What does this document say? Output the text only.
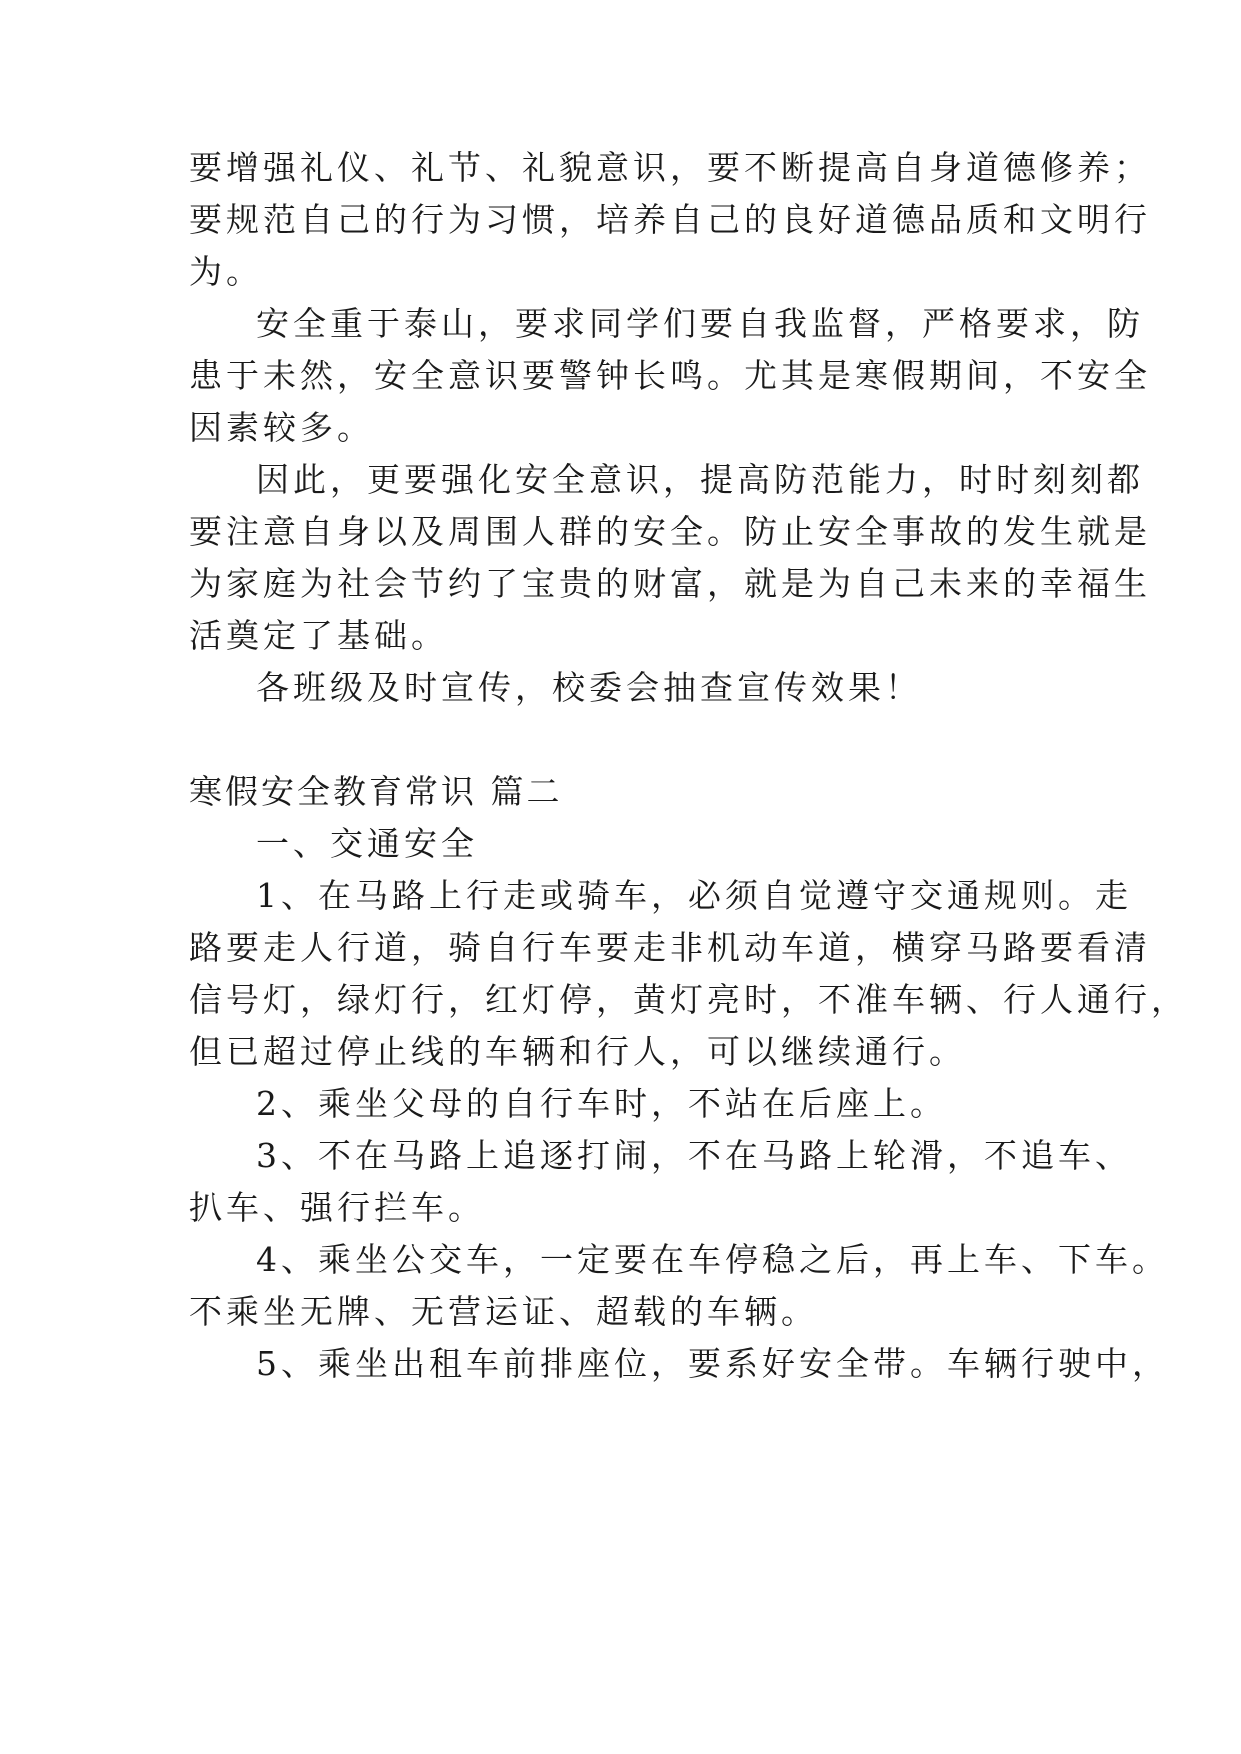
要增强礼仪、礼节、礼貌意识，要不断提高自身道德修养；
要规范自己的行为习惯，培养自己的良好道德品质和文明行
为。
安全重于泰山，要求同学们要自我监督，严格要求，防
患于未然，安全意识要警钟长鸣。尤其是寒假期间，不安全
因素较多。
因此，更要强化安全意识，提高防范能力，时时刻刻都
要注意自身以及周围人群的安全。防止安全事故的发生就是
为家庭为社会节约了宝贵的财富，就是为自己未来的幸福生
活奠定了基础。
各班级及时宣传，校委会抽查宣传效果！
寒假安全教育常识 篇二
一、交通安全
1、在马路上行走或骑车，必须自觉遵守交通规则。走
路要走人行道，骑自行车要走非机动车道，横穿马路要看清
信号灯，绿灯行，红灯停，黄灯亮时，不准车辆、行人通行，
但已超过停止线的车辆和行人，可以继续通行。
2、乘坐父母的自行车时，不站在后座上。
3、不在马路上追逐打闹，不在马路上轮滑，不追车、
扒车、强行拦车。
4、乘坐公交车，一定要在车停稳之后，再上车、下车。
不乘坐无牌、无营运证、超载的车辆。
5、乘坐出租车前排座位，要系好安全带。车辆行驶中，
